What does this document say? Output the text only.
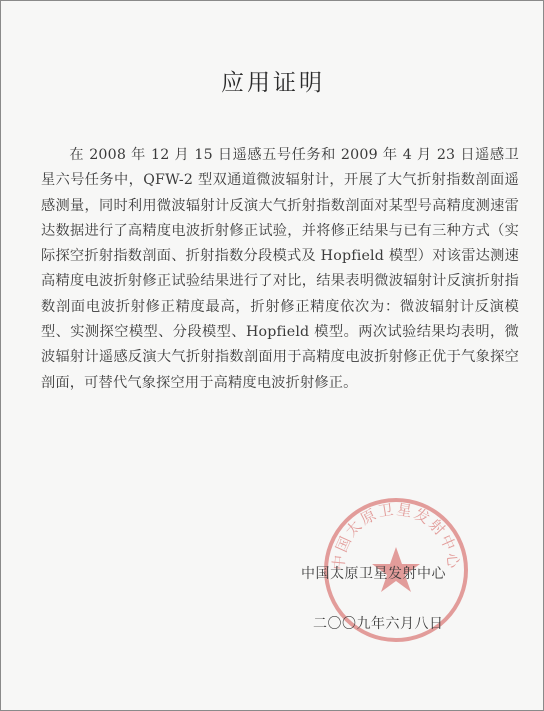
应用证明

在 2008 年 12 月 15 日遥感五号任务和 2009 年 4 月 23 日遥感卫星六号任务中，QFW-2 型双通道微波辐射计，开展了大气折射指数剖面遥感测量，同时利用微波辐射计反演大气折射指数剖面对某型号高精度测速雷达数据进行了高精度电波折射修正试验，并将修正结果与已有三种方式（实际探空折射指数剖面、折射指数分段模式及 Hopfield 模型）对该雷达测速高精度电波折射修正试验结果进行了对比，结果表明微波辐射计反演折射指数剖面电波折射修正精度最高，折射修正精度依次为：微波辐射计反演模型、实测探空模型、分段模型、Hopfield 模型。两次试验结果均表明，微波辐射计遥感反演大气折射指数剖面用于高精度电波折射修正优于气象探空剖面，可替代气象探空用于高精度电波折射修正。

中国太原卫星发射中心
中国太原卫星发射中心
二〇〇九年六月八日
